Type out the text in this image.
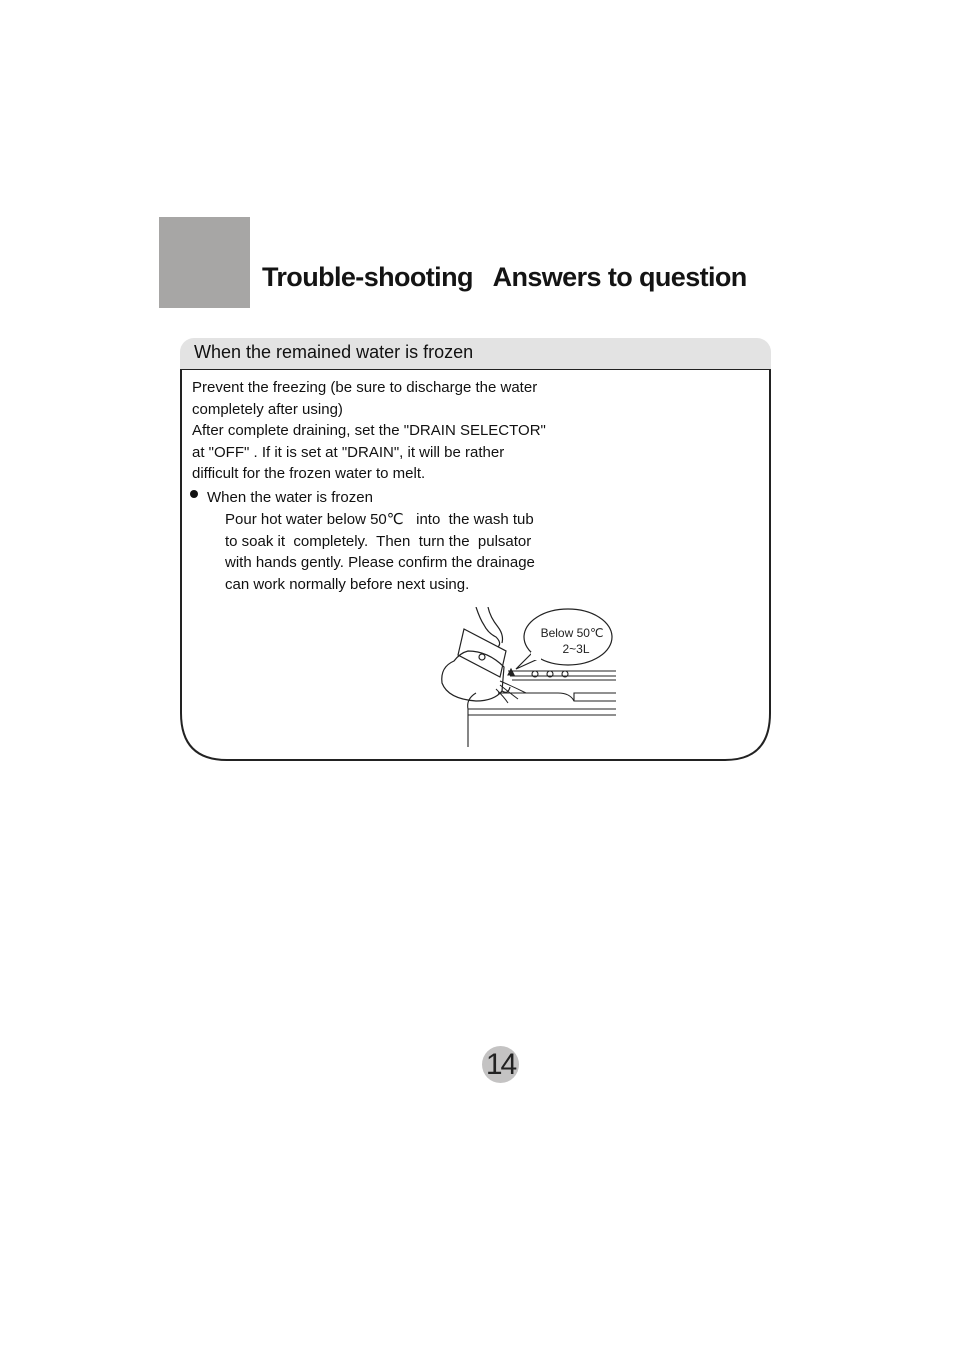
Trouble-shooting   Answers to question
When the remained water is frozen
Prevent the freezing (be sure to discharge the water
completely after using)
After complete draining, set the "DRAIN SELECTOR"
at "OFF" . If it is set at "DRAIN", it will be rather
difficult for the frozen water to melt.
When the water is frozen
Pour hot water below 50℃   into  the wash tub
to soak it  completely.  Then  turn the  pulsator
with hands gently. Please confirm the drainage
can work normally before next using.
Below 50℃
2~3L
14
